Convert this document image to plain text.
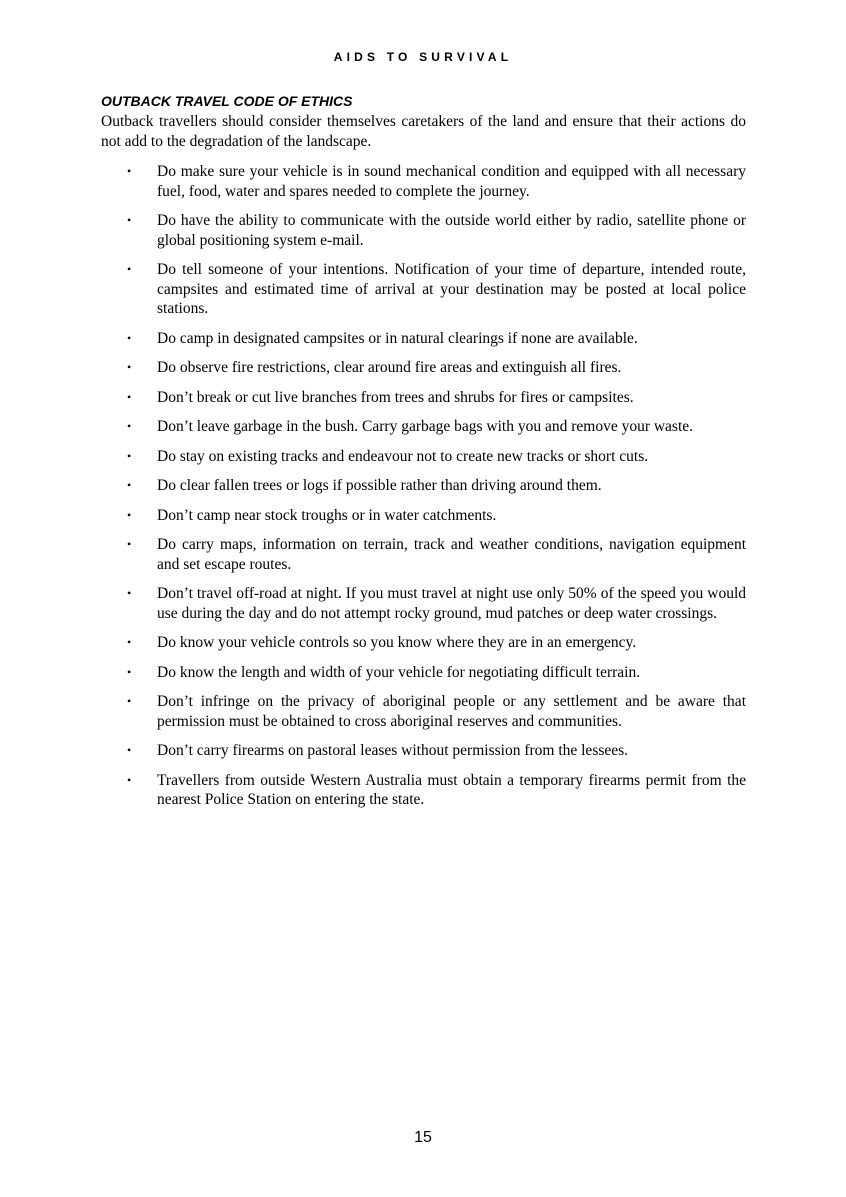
AIDS TO SURVIVAL
OUTBACK TRAVEL CODE OF ETHICS

Outback travellers should consider themselves caretakers of the land and ensure that their actions do not add to the degradation of the landscape.

• Do make sure your vehicle is in sound mechanical condition and equipped with all necessary fuel, food, water and spares needed to complete the journey.
• Do have the ability to communicate with the outside world either by radio, satellite phone or global positioning system e-mail.
• Do tell someone of your intentions. Notification of your time of departure, intended route, campsites and estimated time of arrival at your destination may be posted at local police stations.
• Do camp in designated campsites or in natural clearings if none are available.
• Do observe fire restrictions, clear around fire areas and extinguish all fires.
• Don’t break or cut live branches from trees and shrubs for fires or campsites.
• Don’t leave garbage in the bush. Carry garbage bags with you and remove your waste.
• Do stay on existing tracks and endeavour not to create new tracks or short cuts.
• Do clear fallen trees or logs if possible rather than driving around them.
• Don’t camp near stock troughs or in water catchments.
• Do carry maps, information on terrain, track and weather conditions, navigation equipment and set escape routes.
• Don’t travel off-road at night. If you must travel at night use only 50% of the speed you would use during the day and do not attempt rocky ground, mud patches or deep water crossings.
• Do know your vehicle controls so you know where they are in an emergency.
• Do know the length and width of your vehicle for negotiating difficult terrain.
• Don’t infringe on the privacy of aboriginal people or any settlement and be aware that permission must be obtained to cross aboriginal reserves and communities.
• Don’t carry firearms on pastoral leases without permission from the lessees.
• Travellers from outside Western Australia must obtain a temporary firearms permit from the nearest Police Station on entering the state.
15
